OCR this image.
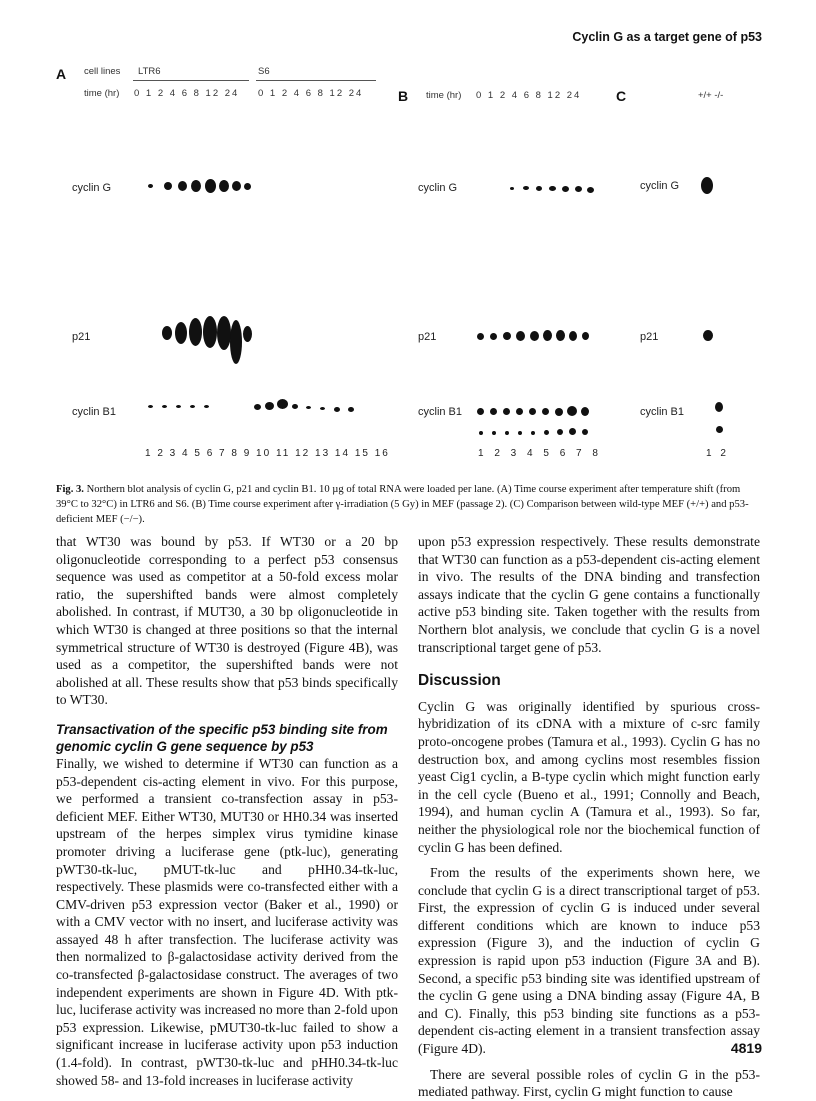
Cyclin G as a target gene of p53
A cell lines LTR6	S6
time (hr) 0 1 2 4 6 8 12 24 0 1 2 4 6 8 12 24
cyclin G
p21
cyclin B1
1 2 3 4 5 6 7 8 9 10 11 12 13 14 15 16
B time (hr) 0 1 2 4 6 8 12 24
cyclin G
p21
cyclin B1
1 2 3 4 5 6 7 8
C	+/+ -/-
cyclin G
p21
cyclin B1
1 2
Fig. 3. Northern blot analysis of cyclin G, p21 and cyclin B1. 10 µg of total RNA were loaded per lane. (A) Time course experiment after temperature shift (from 39°C to 32°C) in LTR6 and S6. (B) Time course experiment after γ-irradiation (5 Gy) in MEF (passage 2). (C) Comparison between wild-type MEF (+/+) and p53-deficient MEF (−/−).

that WT30 was bound by p53. If WT30 or a 20 bp oligonucleotide corresponding to a perfect p53 consensus sequence was used as competitor at a 50-fold excess molar ratio, the supershifted bands were almost completely abolished. In contrast, if MUT30, a 30 bp oligonucleotide in which WT30 is changed at three positions so that the internal symmetrical structure of WT30 is destroyed (Figure 4B), was used as a competitor, the supershifted bands were not abolished at all. These results show that p53 binds specifically to WT30.

Transactivation of the specific p53 binding site from genomic cyclin G gene sequence by p53

Finally, we wished to determine if WT30 can function as a p53-dependent cis-acting element in vivo. For this purpose, we performed a transient co-transfection assay in p53-deficient MEF. Either WT30, MUT30 or HH0.34 was inserted upstream of the herpes simplex virus tymidine kinase promoter driving a luciferase gene (ptk-luc), generating pWT30-tk-luc, pMUT-tk-luc and pHH0.34-tk-luc, respectively. These plasmids were co-transfected either with a CMV-driven p53 expression vector (Baker et al., 1990) or with a CMV vector with no insert, and luciferase activity was assayed 48 h after transfection. The luciferase activity was then normalized to β-galactosidase activity derived from the co-transfected β-galactosidase construct. The averages of two independent experiments are shown in Figure 4D. With ptk-luc, luciferase activity was increased no more than 2-fold upon p53 expression. Likewise, pMUT30-tk-luc failed to show a significant increase in luciferase activity upon p53 induction (1.4-fold). In contrast, pWT30-tk-luc and pHH0.34-tk-luc showed 58- and 13-fold increases in luciferase activity

upon p53 expression respectively. These results demonstrate that WT30 can function as a p53-dependent cis-acting element in vivo. The results of the DNA binding and transfection assays indicate that the cyclin G gene contains a functionally active p53 binding site. Taken together with the results from Northern blot analysis, we conclude that cyclin G is a novel transcriptional target gene of p53.

Discussion

Cyclin G was originally identified by spurious cross-hybridization of its cDNA with a mixture of c-src family proto-oncogene probes (Tamura et al., 1993). Cyclin G has no destruction box, and among cyclins most resembles fission yeast Cig1 cyclin, a B-type cyclin which might function early in the cell cycle (Bueno et al., 1991; Connolly and Beach, 1994), and human cyclin A (Tamura et al., 1993). So far, neither the physiological role nor the biochemical function of cyclin G has been defined.

From the results of the experiments shown here, we conclude that cyclin G is a direct transcriptional target of p53. First, the expression of cyclin G is induced under several different conditions which are known to induce p53 expression (Figure 3), and the induction of cyclin G expression is rapid upon p53 induction (Figure 3A and B). Second, a specific p53 binding site was identified upstream of the cyclin G gene using a DNA binding assay (Figure 4A, B and C). Finally, this p53 binding site functions as a p53-dependent cis-acting element in a transient transfection assay (Figure 4D).

There are several possible roles of cyclin G in the p53-mediated pathway. First, cyclin G might function to cause

4819
